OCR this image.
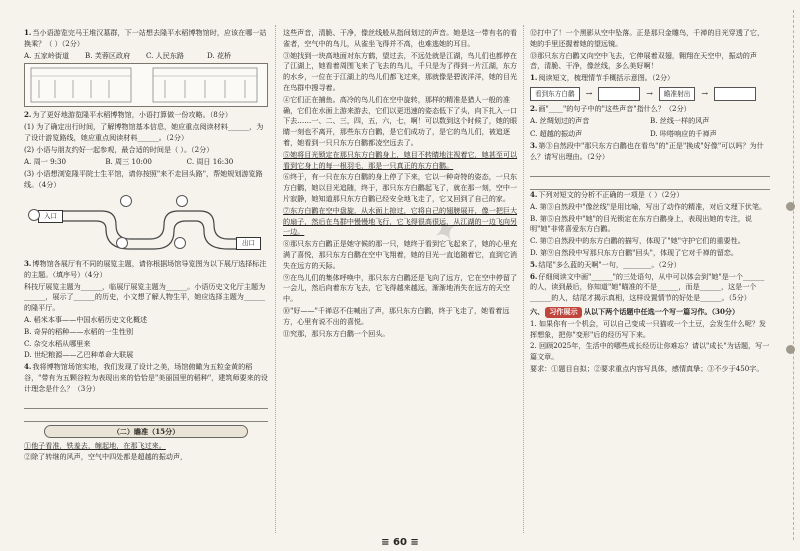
1.当小语游览完马王堆汉墓群，下一站想去隆平水稻博物馆时，应该在哪一站换乘？（ ）（2分）

A. 五家岭街道	B. 芙蓉区政府	C. 人民东路	D. 花桥

2.为了更好地游览隆平水稻博物馆，小语打算做一份攻略。（8分）

(1) 为了确定出行时间，了解博物馆基本信息，她应重点阅读材料______，为了设计游览路线，她应重点阅读材料______。（2分）

(2) 小语与朋友约好一起参观，最合适的时间是（ ）。（2分）

A. 周一 9:30	B. 周三 10:00	C. 周日 16:30

(3) 小语想浏览隆平院士生平馆，请你按照"来不走回头路"，帮她规划游览路线。（4分）

入口
出口

3.博物馆各展厅有不同的展览主题，请你根据场馆导览图为以下展厅选择标注的主题。（填序号）（4分）

科技厅展览主题为______，临展厅展览主题为______。小语历史文化厅主题为______，展示了______的历史，小文想了解人物生平，她应选择主题为______的隆平厅。

A. 稻米本事——中国水稻历史文化概述

B. 奇异的稻种——水稻的一生性别

C. 杂交水稻从哪里来

D. 世纪粮源——乙巴种革命大联展

4.我将博物馆场馆实地，我们发现了设计之美，场馆俯瞰为五粒金黄的稻谷，"带有为五颗谷粒为表现出来的恰恰是"美丽国里的稻种"，建筑师要来的设计理念是什么？（3分）

（二）瞻准（15分）

①他子看准，铁羞去，缠起地，在那飞过来。

②除了转继的风声，空气中四处都是超越的振动声，

这些声音，清脆、干净，像丝线般从指间划过的声音。她是这一带有名的看雀者，空气中的鸟儿，从雀坐飞得并不高，也难逃她的耳目。

③她找到一块高地面对东方鹤，望过去，不远处就是江湖，鸟儿们也都停在了江湖上，她看着周围飞来了飞去的鸟儿，千只是为了得到一片江湖，东方的水乡，一位在于江湖上的鸟儿们都飞过来，那就像是碧波洋洋，她的目光在鸟群中搜寻着。

④它们正在捕鱼。高冷的鸟儿们在空中旋转，那样的精准是猎人一般的准确，它们在水面上游来游去，它们以更迅速的姿态低下了头，向下扎入一口下去……一、二、三，四，五，六，七，啊！可以数到这个时候了，她的眼睛一刻也不离开，那些东方白鹳，是它们成功了，是它的鸟儿们，被追逐着，她看到一只只东方白鹳都凌空远去了。

⑤她将目光锁定在那只东方白鹳身上，她目不转睛地注视着它，她甚至可以看到它身上的每一根羽毛，那是一只真正的东方白鹳。

⑥终于，有一只在东方白鹳的身上停了下来，它以一种奇特的姿态，一只东方白鹳，她以目光追随，终于，那只东方白鹳起飞了，就在那一刻，空中一片寂静，她知道那只东方白鹳已经安全地飞走了，它又回到了自己的家。

⑦东方白鹳在空中盘旋，从水面上掠过，它将自己的翅膀展开，像一把巨大的扇子，然后在鸟群中慢慢地飞行，它飞得很高很远，从江湖的一边飞向另一边。

⑧那只东方白鹳正是她守候的那一只，她终于看到它飞起来了，她的心里充满了喜悦，那只东方白鹳在空中飞翔着，她的目光一直追随着它，直到它消失在远方的天际。

⑨在鸟儿们的集体呼唤中，那只东方白鹳还是飞向了远方，它在空中停留了一会儿，然后向着东方飞去，它飞得越来越远，渐渐地消失在远方的天空中。

⑩"好——"千禅忍不住喊出了声，那只东方白鹳，终于飞走了，她看着远方，心里有说不出的喜悦。

⑪究那，那只东方白鹳一个回头。

✦

⑫打中了！一个黑影从空中坠落。正是那只金雕鸟，千禅的目光穿透了它，她的手里还握着她的望远镜。

⑬那只东方白鹳又向空中飞去，它伸展着双翅，翱翔在天空中，振动的声音，清脆、干净，像丝线，多么美好啊！

1.阅读短文，梳理情节手概括示意图。（2分）

看到东方白鹳	→	→	瞻准射出	→

2.画"____"的句子中的"这些声音"指什么？（2分）

A. 丝绸划过的声音	B. 丝线一样的风声
C. 超越的振动声	D. 咔嗒响应的千禅声

3.第③自然段中"那只东方白鹳也在看鸟"的"正是"换成"好像"可以吗？为什么？请写出理由。（2分）

4.下列对短文的分析不正确的一项是（ ）（2分）

A. 第③自然段中"像丝线"是用比喻，写出了动作的精准，对后文埋下伏笔。

B. 第⑤自然段中"她"的目光锁定在东方白鹳身上，表现出她的专注，说明"她"非常喜爱东方白鹳。

C. 第⑦自然段中的东方白鹳的描写，体现了"她"守护它们的重要性。

D. 第⑨自然段中写那只东方白鹳"回头"，体现了它对千禅的留恋。

5.结尾"多么蓝的天啊"一句，________。（2分）

6.仔细阅读文中画"______"的三处语句，从中可以体会到"她"是一个______的人，读到最后，你知道"她"瞄准的不是______，而是______，这是一个______的人，结尾才揭示真相，这样设置情节的好处是______。（5分）

六、 习作展示 从以下两个话题中任选一个写一篇习作。（30分）

1. 如果你有一个机会，可以自己变成一只猫或一个土豆，会发生什么呢？发挥想象，把你"变形"后的经历写下来。

2. 回顾2025年，生活中的哪些成长经历让你难忘？请以"成长"为话题，写一篇文章。

要求：①题目自拟；②要求重点内容写具体，感情真挚；③不少于450字。

≡ 60 ≡
